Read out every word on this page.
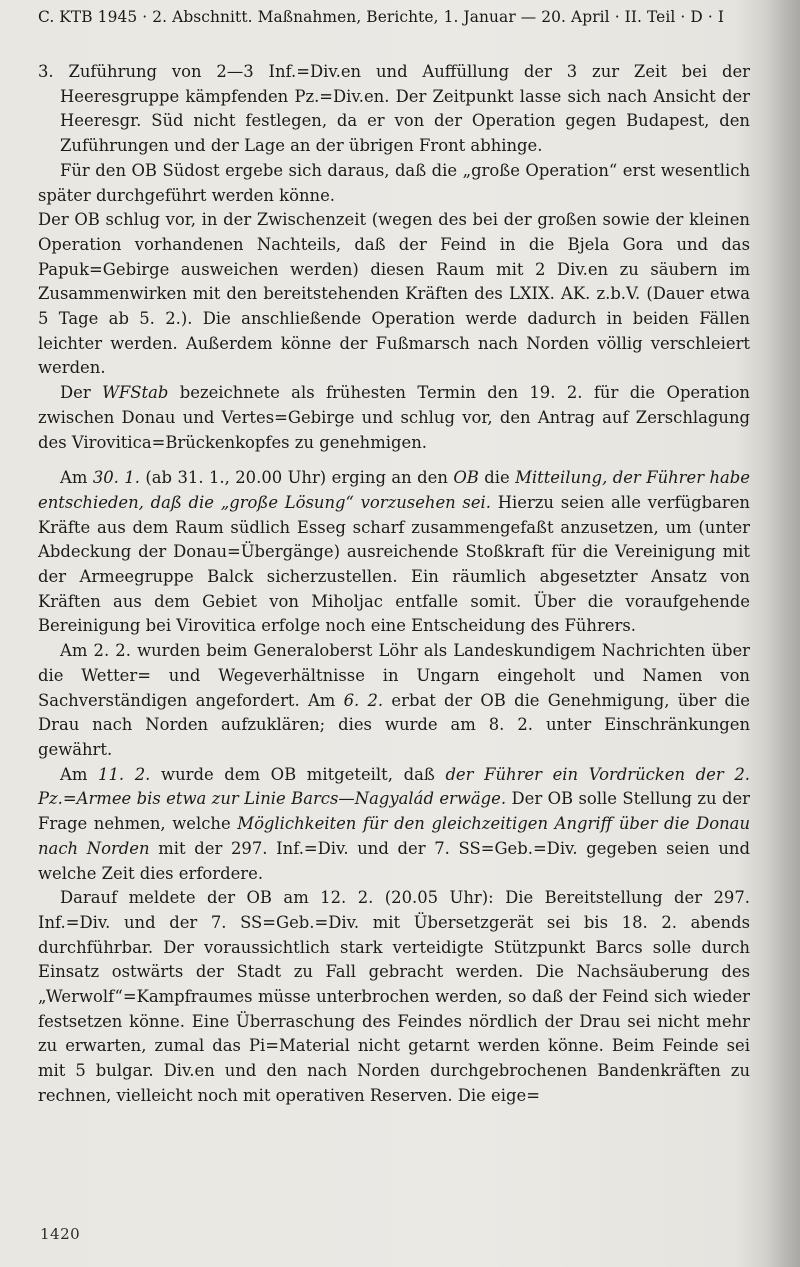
C. KTB 1945 · 2. Abschnitt. Maßnahmen, Berichte, 1. Januar — 20. April · II. Teil · D · I

3. Zuführung von 2—3 Inf.=Div.en und Auffüllung der 3 zur Zeit bei der Heeresgruppe kämpfenden Pz.=Div.en. Der Zeitpunkt lasse sich nach Ansicht der Heeresgr. Süd nicht festlegen, da er von der Operation gegen Budapest, den Zuführungen und der Lage an der übrigen Front abhinge.

Für den OB Südost ergebe sich daraus, daß die „große Operation“ erst wesentlich später durchgeführt werden könne.

Der OB schlug vor, in der Zwischenzeit (wegen des bei der großen sowie der kleinen Operation vorhandenen Nachteils, daß der Feind in die Bjela Gora und das Papuk=Gebirge ausweichen werden) diesen Raum mit 2 Div.en zu säubern im Zusammenwirken mit den bereitstehenden Kräften des LXIX. AK. z.b.V. (Dauer etwa 5 Tage ab 5. 2.). Die anschließende Operation werde dadurch in beiden Fällen leichter werden. Außerdem könne der Fußmarsch nach Norden völlig verschleiert werden.

Der WFStab bezeichnete als frühesten Termin den 19. 2. für die Operation zwischen Donau und Vertes=Gebirge und schlug vor, den Antrag auf Zerschlagung des Virovitica=Brückenkopfes zu genehmigen.

Am 30. 1. (ab 31. 1., 20.00 Uhr) erging an den OB die Mitteilung, der Führer habe entschieden, daß die „große Lösung“ vorzusehen sei. Hierzu seien alle verfügbaren Kräfte aus dem Raum südlich Esseg scharf zusammengefaßt anzusetzen, um (unter Abdeckung der Donau=Übergänge) ausreichende Stoßkraft für die Vereinigung mit der Armeegruppe Balck sicherzustellen. Ein räumlich abgesetzter Ansatz von Kräften aus dem Gebiet von Miholjac entfalle somit. Über die voraufgehende Bereinigung bei Virovitica erfolge noch eine Entscheidung des Führers.

Am 2. 2. wurden beim Generaloberst Löhr als Landeskundigem Nachrichten über die Wetter= und Wegeverhältnisse in Ungarn eingeholt und Namen von Sachverständigen angefordert. Am 6. 2. erbat der OB die Genehmigung, über die Drau nach Norden aufzuklären; dies wurde am 8. 2. unter Einschränkungen gewährt.

Am 11. 2. wurde dem OB mitgeteilt, daß der Führer ein Vordrücken der 2. Pz.=Armee bis etwa zur Linie Barcs—Nagyalád erwäge. Der OB solle Stellung zu der Frage nehmen, welche Möglichkeiten für den gleichzeitigen Angriff über die Donau nach Norden mit der 297. Inf.=Div. und der 7. SS=Geb.=Div. gegeben seien und welche Zeit dies erfordere.

Darauf meldete der OB am 12. 2. (20.05 Uhr): Die Bereitstellung der 297. Inf.=Div. und der 7. SS=Geb.=Div. mit Übersetzgerät sei bis 18. 2. abends durchführbar. Der voraussichtlich stark verteidigte Stützpunkt Barcs solle durch Einsatz ostwärts der Stadt zu Fall gebracht werden. Die Nachsäuberung des „Werwolf“=Kampfraumes müsse unterbrochen werden, so daß der Feind sich wieder festsetzen könne. Eine Überraschung des Feindes nördlich der Drau sei nicht mehr zu erwarten, zumal das Pi=Material nicht getarnt werden könne. Beim Feinde sei mit 5 bulgar. Div.en und den nach Norden durchgebrochenen Bandenkräften zu rechnen, vielleicht noch mit operativen Reserven. Die eige=

1420
